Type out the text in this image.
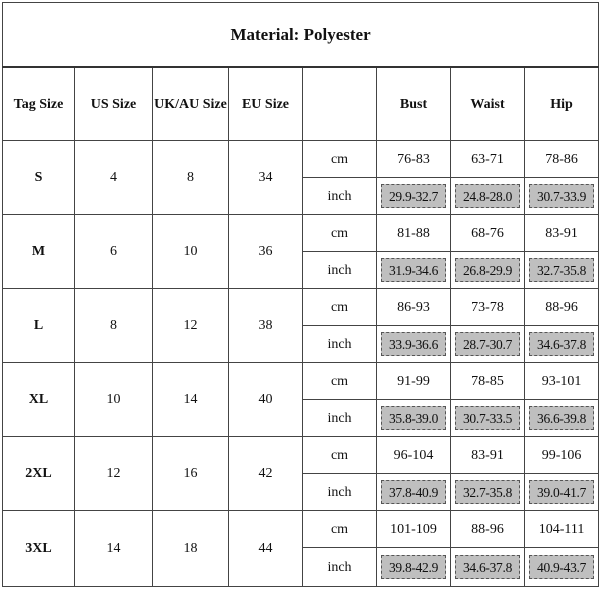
Material: Polyester							
Tag Size	US Size	UK/AU Size	EU Size		Bust	Waist	Hip
S	4	8	34	cm	76-83	63-71	78-86
				inch	29.9-32.7	24.8-28.0	30.7-33.9

M	6	10	36	cm	81-88	68-76	83-91
				inch	31.9-34.6	26.8-29.9	32.7-35.8

L	8	12	38	cm	86-93	73-78	88-96
				inch	33.9-36.6	28.7-30.7	34.6-37.8

XL	10	14	40	cm	91-99	78-85	93-101
				inch	35.8-39.0	30.7-33.5	36.6-39.8

2XL	12	16	42	cm	96-104	83-91	99-106
				inch	37.8-40.9	32.7-35.8	39.0-41.7

3XL	14	18	44	cm	101-109	88-96	104-111
				inch	39.8-42.9	34.6-37.8	40.9-43.7
